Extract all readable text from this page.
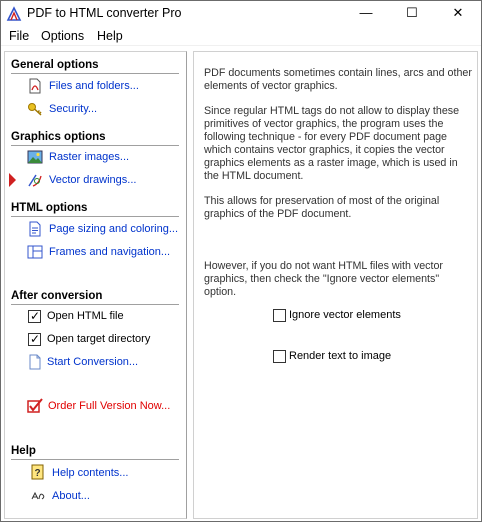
PDF to HTML converter Pro	—	☐	✕
File Options Help
General options
Files and folders...
Security...
Graphics options
Raster images...
Vector drawings...
HTML options
Page sizing and coloring...
Frames and navigation...
After conversion
✓ Open HTML file
✓ Open target directory
Start Conversion...
Order Full Version Now...
Help
? Help contents...
About...

PDF documents sometimes contain lines, arcs and other elements of vector graphics.

Since regular HTML tags do not allow to display these primitives of vector graphics, the program uses the following technique - for every PDF document page which contains vector graphics, it copies the vector graphics elements as a raster image, which is used in the HTML document.

This allows for preservation of most of the original graphics of the PDF document.

However, if you do not want HTML files with vector graphics, then check the "Ignore vector elements" option.

Ignore vector elements
Render text to image
